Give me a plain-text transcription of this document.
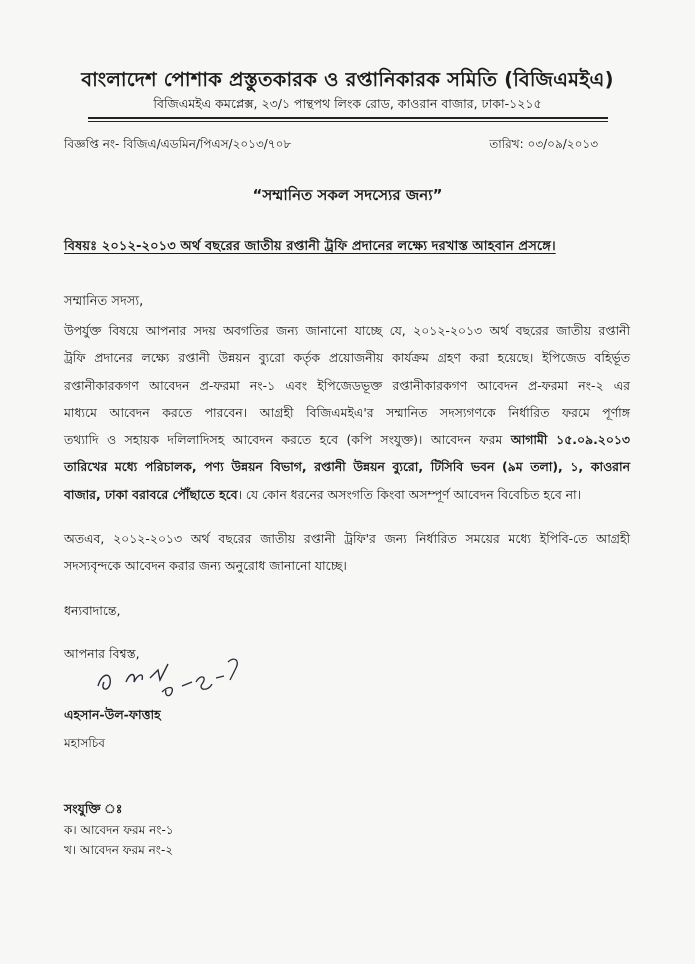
বাংলাদেশ পোশাক প্রস্তুতকারক ও রপ্তানিকারক সমিতি (বিজিএমইএ)
বিজিএমইএ কমপ্লেক্স, ২৩/১ পান্থপথ লিংক রোড, কাওরান বাজার, ঢাকা-১২১৫
বিজ্ঞপ্তি নং- বিজিএ/এডমিন/পিএস/২০১৩/৭০৮	তারিখ: ০৩/০৯/২০১৩
“সম্মানিত সকল সদস্যের জন্য”
বিষয়ঃ ২০১২-২০১৩ অর্থ বছরের জাতীয় রপ্তানী ট্রফি প্রদানের লক্ষ্যে দরখাস্ত আহবান প্রসঙ্গে।
সম্মানিত সদস্য,
উপর্যুক্ত বিষয়ে আপনার সদয় অবগতির জন্য জানানো যাচ্ছে যে, ২০১২-২০১৩ অর্থ বছরের জাতীয় রপ্তানী
ট্রফি প্রদানের লক্ষ্যে রপ্তানী উন্নয়ন ব্যুরো কর্তৃক প্রয়োজনীয় কার্যক্রম গ্রহণ করা হয়েছে। ইপিজেড বহির্ভূত
রপ্তানীকারকগণ আবেদন প্র-ফরমা নং-১ এবং ইপিজেডভূক্ত রপ্তানীকারকগণ আবেদন প্র-ফরমা নং-২ এর
মাধ্যমে আবেদন করতে পারবেন। আগ্রহী বিজিএমইএ'র সম্মানিত সদস্যগণকে নির্ধারিত ফরমে পূর্ণাঙ্গ
তথ্যাদি ও সহায়ক দলিলাদিসহ আবেদন করতে হবে (কপি সংযুক্ত)। আবেদন ফরম আগামী ১৫.০৯.২০১৩
তারিখের মধ্যে পরিচালক, পণ্য উন্নয়ন বিভাগ, রপ্তানী উন্নয়ন ব্যুরো, টিসিবি ভবন (৯ম তলা), ১, কাওরান
বাজার, ঢাকা বরাবরে পৌঁছাতে হবে। যে কোন ধরনের অসংগতি কিংবা অসম্পূর্ণ আবেদন বিবেচিত হবে না।
অতএব, ২০১২-২০১৩ অর্থ বছরের জাতীয় রপ্তানী ট্রফি'র জন্য নির্ধারিত সময়ের মধ্যে ইপিবি-তে আগ্রহী
সদস্যবৃন্দকে আবেদন করার জন্য অনুরোধ জানানো যাচ্ছে।
ধন্যবাদান্তে,
আপনার বিশ্বস্ত,
এহসান-উল-ফাত্তাহ
মহাসচিব
সংযুক্তি ঃ
ক। আবেদন ফরম নং-১
খ। আবেদন ফরম নং-২
